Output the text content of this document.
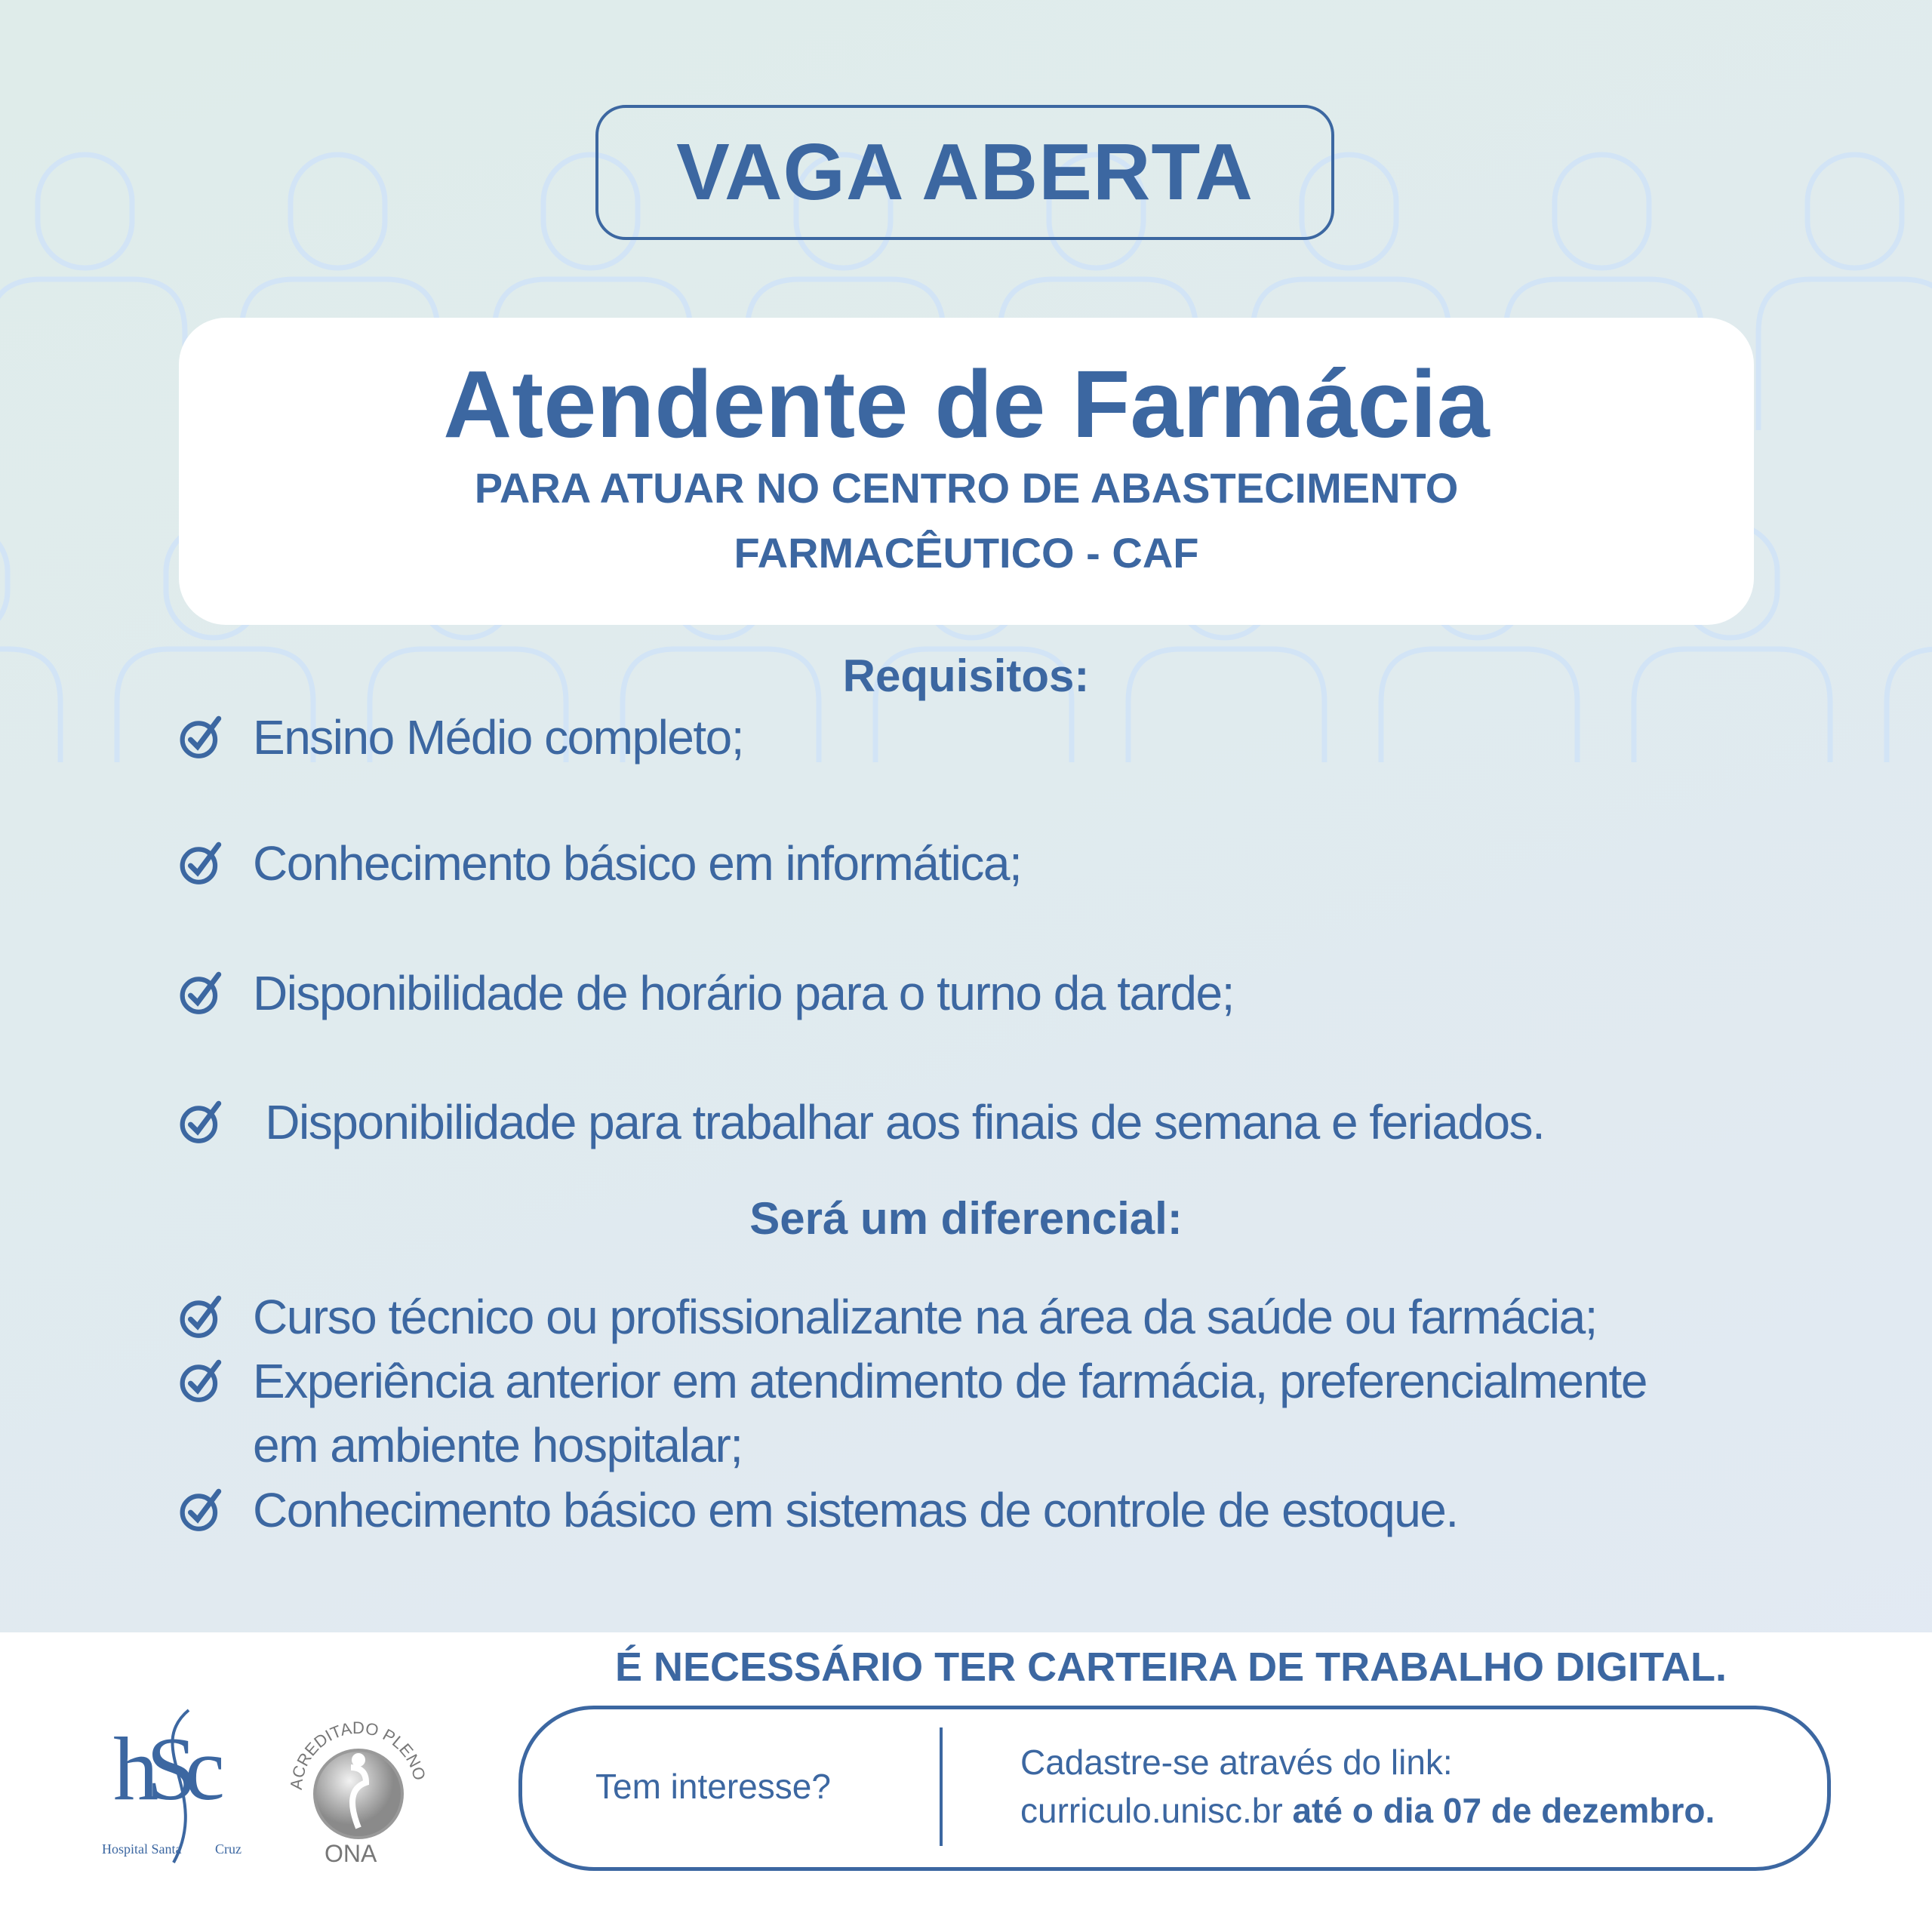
VAGA ABERTA
Atendente de Farmácia
PARA ATUAR NO CENTRO DE ABASTECIMENTO
FARMACÊUTICO - CAF
Requisitos:
Ensino Médio completo;
Conhecimento básico em informática;
Disponibilidade de horário para o turno da tarde;
Disponibilidade para trabalhar aos finais de semana e feriados.
Será um diferencial:
Curso técnico ou profissionalizante na área da saúde ou farmácia;
Experiência anterior em atendimento de farmácia, preferencialmente
em ambiente hospitalar;
Conhecimento básico em sistemas de controle de estoque.
É NECESSÁRIO TER CARTEIRA DE TRABALHO DIGITAL.
hSc
Hospital Santa Cruz
ACREDITADO PLENO
ONA
Tem interesse?
Cadastre-se através do link:
curriculo.unisc.br até o dia 07 de dezembro.
